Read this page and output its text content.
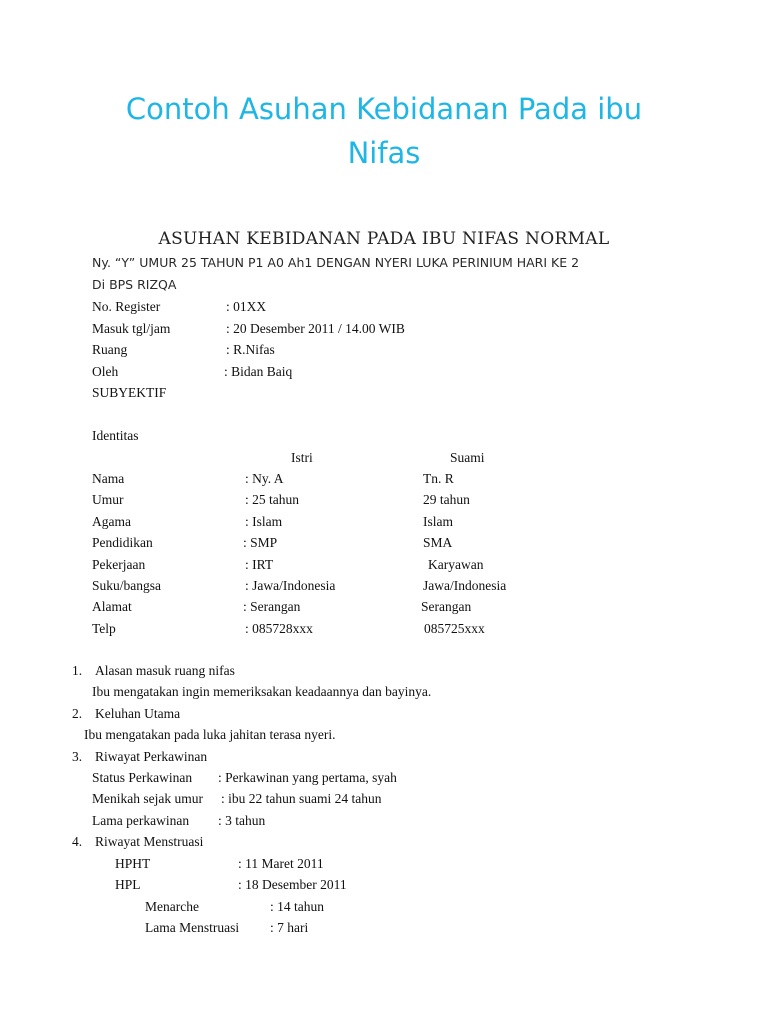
Contoh Asuhan Kebidanan Pada ibu
Nifas
ASUHAN KEBIDANAN PADA IBU NIFAS NORMAL
Ny. “Y” UMUR 25 TAHUN P1 A0 Ah1 DENGAN NYERI LUKA PERINIUM HARI KE 2
Di BPS RIZQA
No. Register	: 01XX
Masuk tgl/jam	: 20 Desember 2011 / 14.00 WIB
Ruang	: R.Nifas
Oleh	: Bidan Baiq
SUBYEKTIF
Identitas
Istri	Suami
Nama	: Ny. A	Tn. R
Umur	: 25 tahun	29 tahun
Agama	: Islam	Islam
Pendidikan	: SMP	SMA
Pekerjaan	: IRT	Karyawan
Suku/bangsa	: Jawa/Indonesia	Jawa/Indonesia
Alamat	: Serangan	Serangan
Telp	: 085728xxx	085725xxx
1. Alasan masuk ruang nifas
Ibu mengatakan ingin memeriksakan keadaannya dan bayinya.
2. Keluhan Utama
Ibu mengatakan pada luka jahitan terasa nyeri.
3. Riwayat Perkawinan
Status Perkawinan : Perkawinan yang pertama, syah
Menikah sejak umur : ibu 22 tahun suami 24 tahun
Lama perkawinan : 3 tahun
4. Riwayat Menstruasi
HPHT	: 11 Maret 2011
HPL	: 18 Desember 2011
Menarche	: 14 tahun
Lama Menstruasi : 7 hari
